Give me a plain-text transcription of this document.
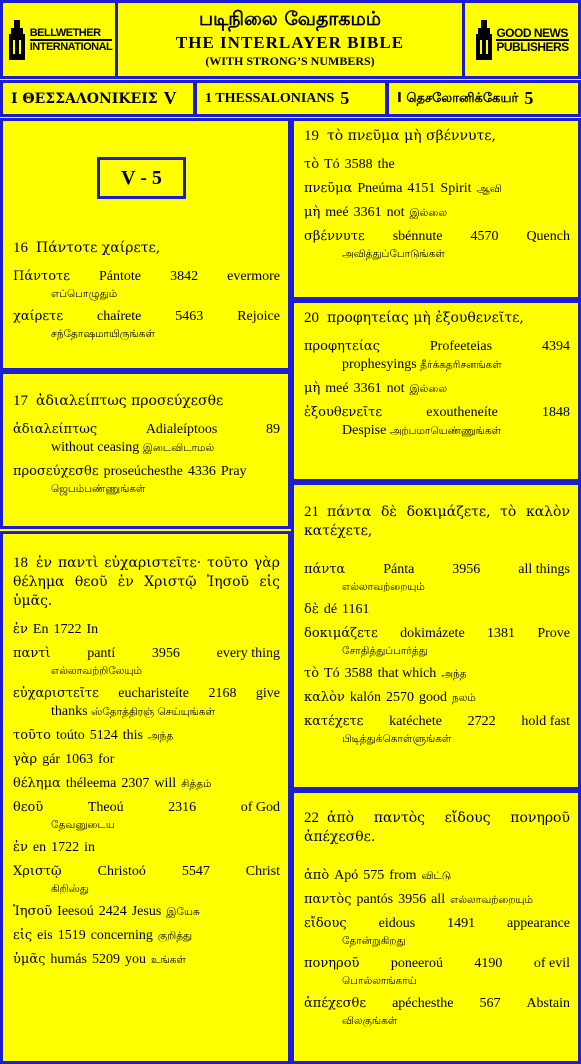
BELLWETHER
INTERNATIONAL
படிநிலை வேதாகமம்
THE INTERLAYER BIBLE
(WITH STRONG’S NUMBERS)
GOOD NEWS
PUBLISHERS
I ΘΕΣΣΑΛΟΝΙΚΕΙΣ V 1 THESSALONIANS 5	I தெசலோனிக்கேயர் 5
V - 5
16 Πάντοτε χαίρετε,
Πάντοτε Pántote 3842 evermore
எப்பொழுதும்
χαίρετε chaírete 5463 Rejoice
சந்தோஷமாயிருங்கள்
17 ἀδιαλείπτως προσεύχεσθε
ἀδιαλείπτως	Adialeíptoos	89
without ceasing இடைவிடாமல்
προσεύχεσθε proseúchesthe 4336 Pray
ஜெபம்பண்ணுங்கள்
18 ἐν παντὶ εὐχαριστεῖτε· τοῦτο γὰρ θέλημα θεοῦ ἐν Χριστῷ Ἰησοῦ εἰς ὑμᾶς.
ἐν En 1722 In
παντὶ	pantí	3956	every thing
எல்லாவற்றிலேயும்
εὐχαριστεῖτε eucharisteíte 2168 give
thanks ஸ்தோத்திரஞ் செய்யுங்கள்
τοῦτο toúto 5124 this அந்த
γὰρ gár 1063 for
θέλημα théleema 2307 will சித்தம்
θεοῦ	Theoú	2316	of God
தேவனுடைய
ἐν en 1722 in
Χριστῷ	Christoó	5547	Christ
கிறிஸ்து
Ἰησοῦ Ieesoú 2424 Jesus இயேசு
εἰς eis 1519 concerning குறித்து
ὑμᾶς humás 5209 you உங்கள்
19 τὸ πνεῦμα μὴ σβέννυτε,
τὸ Tó 3588 the
πνεῦμα Pneúma 4151 Spirit ஆவி
μὴ meé 3361 not இல்லை
σβέννυτε sbénnute 4570 Quench
அவித்துப்போடுங்கள்
20 προφητείας μὴ ἐξουθενεῖτε,
προφητείας	Profeeteias	4394
prophesyings தீர்க்கதரிசனங்கள்
μὴ meé 3361 not இல்லை
ἐξουθενεῖτε	exoutheneíte	1848
Despise அற்பமாயெண்ணுங்கள்
21 πάντα δὲ δοκιμάζετε, τὸ καλὸν κατέχετε,
πάντα	Pánta	3956	all things
எல்லாவற்றையும்
δὲ dé 1161
δοκιμάζετε dokimázete 1381 Prove
சோதித்துப்பார்த்து
τὸ Tó 3588 that which அந்த
καλὸν kalón 2570 good நலம்
κατέχετε katéchete 2722 hold fast
பிடித்துக்கொள்ளுங்கள்
22 ἀπὸ παντὸς εἴδους πονηροῦ ἀπέχεσθε.
ἀπὸ Apó 575 from விட்டு
παντὸς pantós 3956 all எல்லாவற்றையும்
εἴδους eidous 1491 appearance
தோன்றுகிறது
πονηροῦ poneeroú 4190 of evil
பொல்லாங்காய்
ἀπέχεσθε apéchesthe 567 Abstain
விலகுங்கள்
